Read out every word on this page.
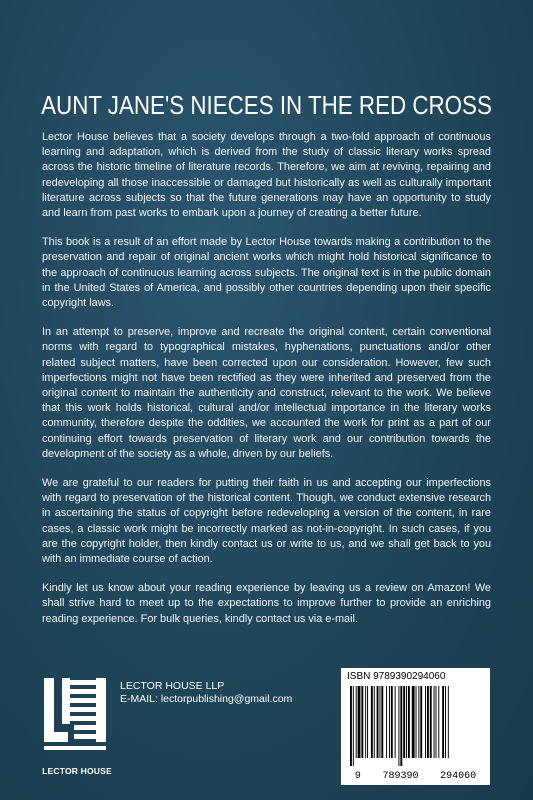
AUNT JANE'S NIECES IN THE RED CROSS

Lector House believes that a society develops through a two-fold approach of continuous learning and adaptation, which is derived from the study of classic literary works spread across the historic timeline of literature records. Therefore, we aim at reviving, repairing and redeveloping all those inaccessible or damaged but historically as well as culturally important literature across subjects so that the future generations may have an opportunity to study and learn from past works to embark upon a journey of creating a better future.

This book is a result of an effort made by Lector House towards making a contribution to the preservation and repair of original ancient works which might hold historical significance to the approach of continuous learning across subjects. The original text is in the public domain in the United States of America, and possibly other countries depending upon their specific copyright laws.

In an attempt to preserve, improve and recreate the original content, certain conventional norms with regard to typographical mistakes, hyphenations, punctuations and/or other related subject matters, have been corrected upon our consideration. However, few such imperfections might not have been rectified as they were inherited and preserved from the original content to maintain the authenticity and construct, relevant to the work. We believe that this work holds historical, cultural and/or intellectual importance in the literary works community, therefore despite the oddities, we accounted the work for print as a part of our continuing effort towards preservation of literary work and our contribution towards the development of the society as a whole, driven by our beliefs.

We are grateful to our readers for putting their faith in us and accepting our imperfections with regard to preservation of the historical content. Though, we conduct extensive research in ascertaining the status of copyright before redeveloping a version of the content, in rare cases, a classic work might be incorrectly marked as not-in-copyright. In such cases, if you are the copyright holder, then kindly contact us or write to us, and we shall get back to you with an immediate course of action.

Kindly let us know about your reading experience by leaving us a review on Amazon! We shall strive hard to meet up to the expectations to improve further to provide an enriching reading experience. For bulk queries, kindly contact us via e-mail.

LECTOR HOUSE
LECTOR HOUSE LLP
E-MAIL: lectorpublishing@gmail.com
ISBN 9789390294060
9 789390 294060
